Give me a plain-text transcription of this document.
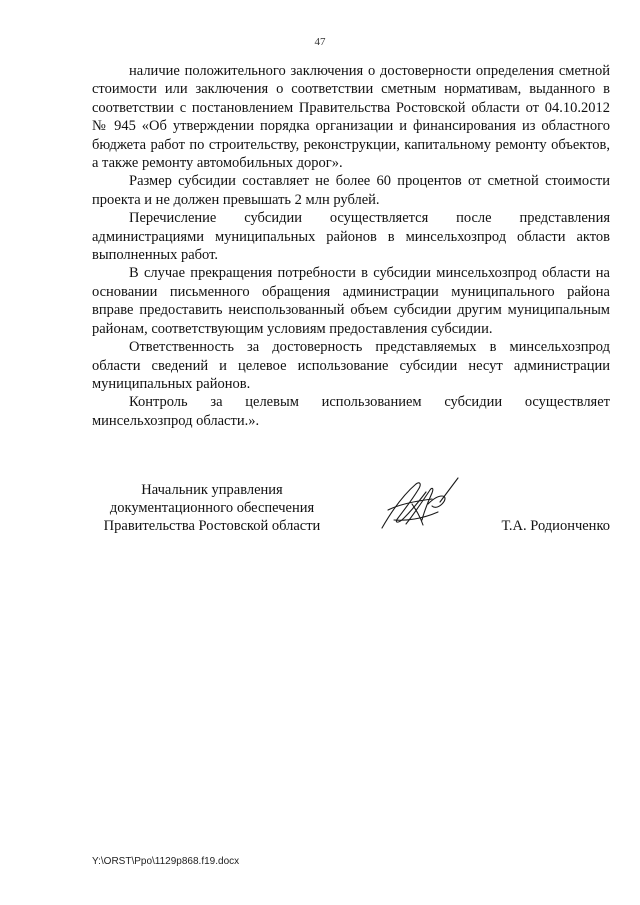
47

наличие положительного заключения о достоверности определения сметной стоимости или заключения о соответствии сметным нормативам, выданного в соответствии с постановлением Правительства Ростовской области от 04.10.2012 № 945 «Об утверждении порядка организации и финансирования из областного бюджета работ по строительству, реконструкции, капитальному ремонту объектов, а также ремонту автомобильных дорог».

Размер субсидии составляет не более 60 процентов от сметной стоимости проекта и не должен превышать 2 млн рублей.

Перечисление субсидии осуществляется после представления администрациями муниципальных районов в минсельхозпрод области актов выполненных работ.

В случае прекращения потребности в субсидии минсельхозпрод области на основании письменного обращения администрации муниципального района вправе предоставить неиспользованный объем субсидии другим муниципальным районам, соответствующим условиям предоставления субсидии.

Ответственность за достоверность представляемых в минсельхозпрод области сведений и целевое использование субсидии несут администрации муниципальных районов.

Контроль за целевым использованием субсидии осуществляет минсельхозпрод области.».

Начальник управления
документационного обеспечения
Правительства Ростовской области	Т.А. Родионченко
Y:\ORST\Ppo\1129p868.f19.docx
